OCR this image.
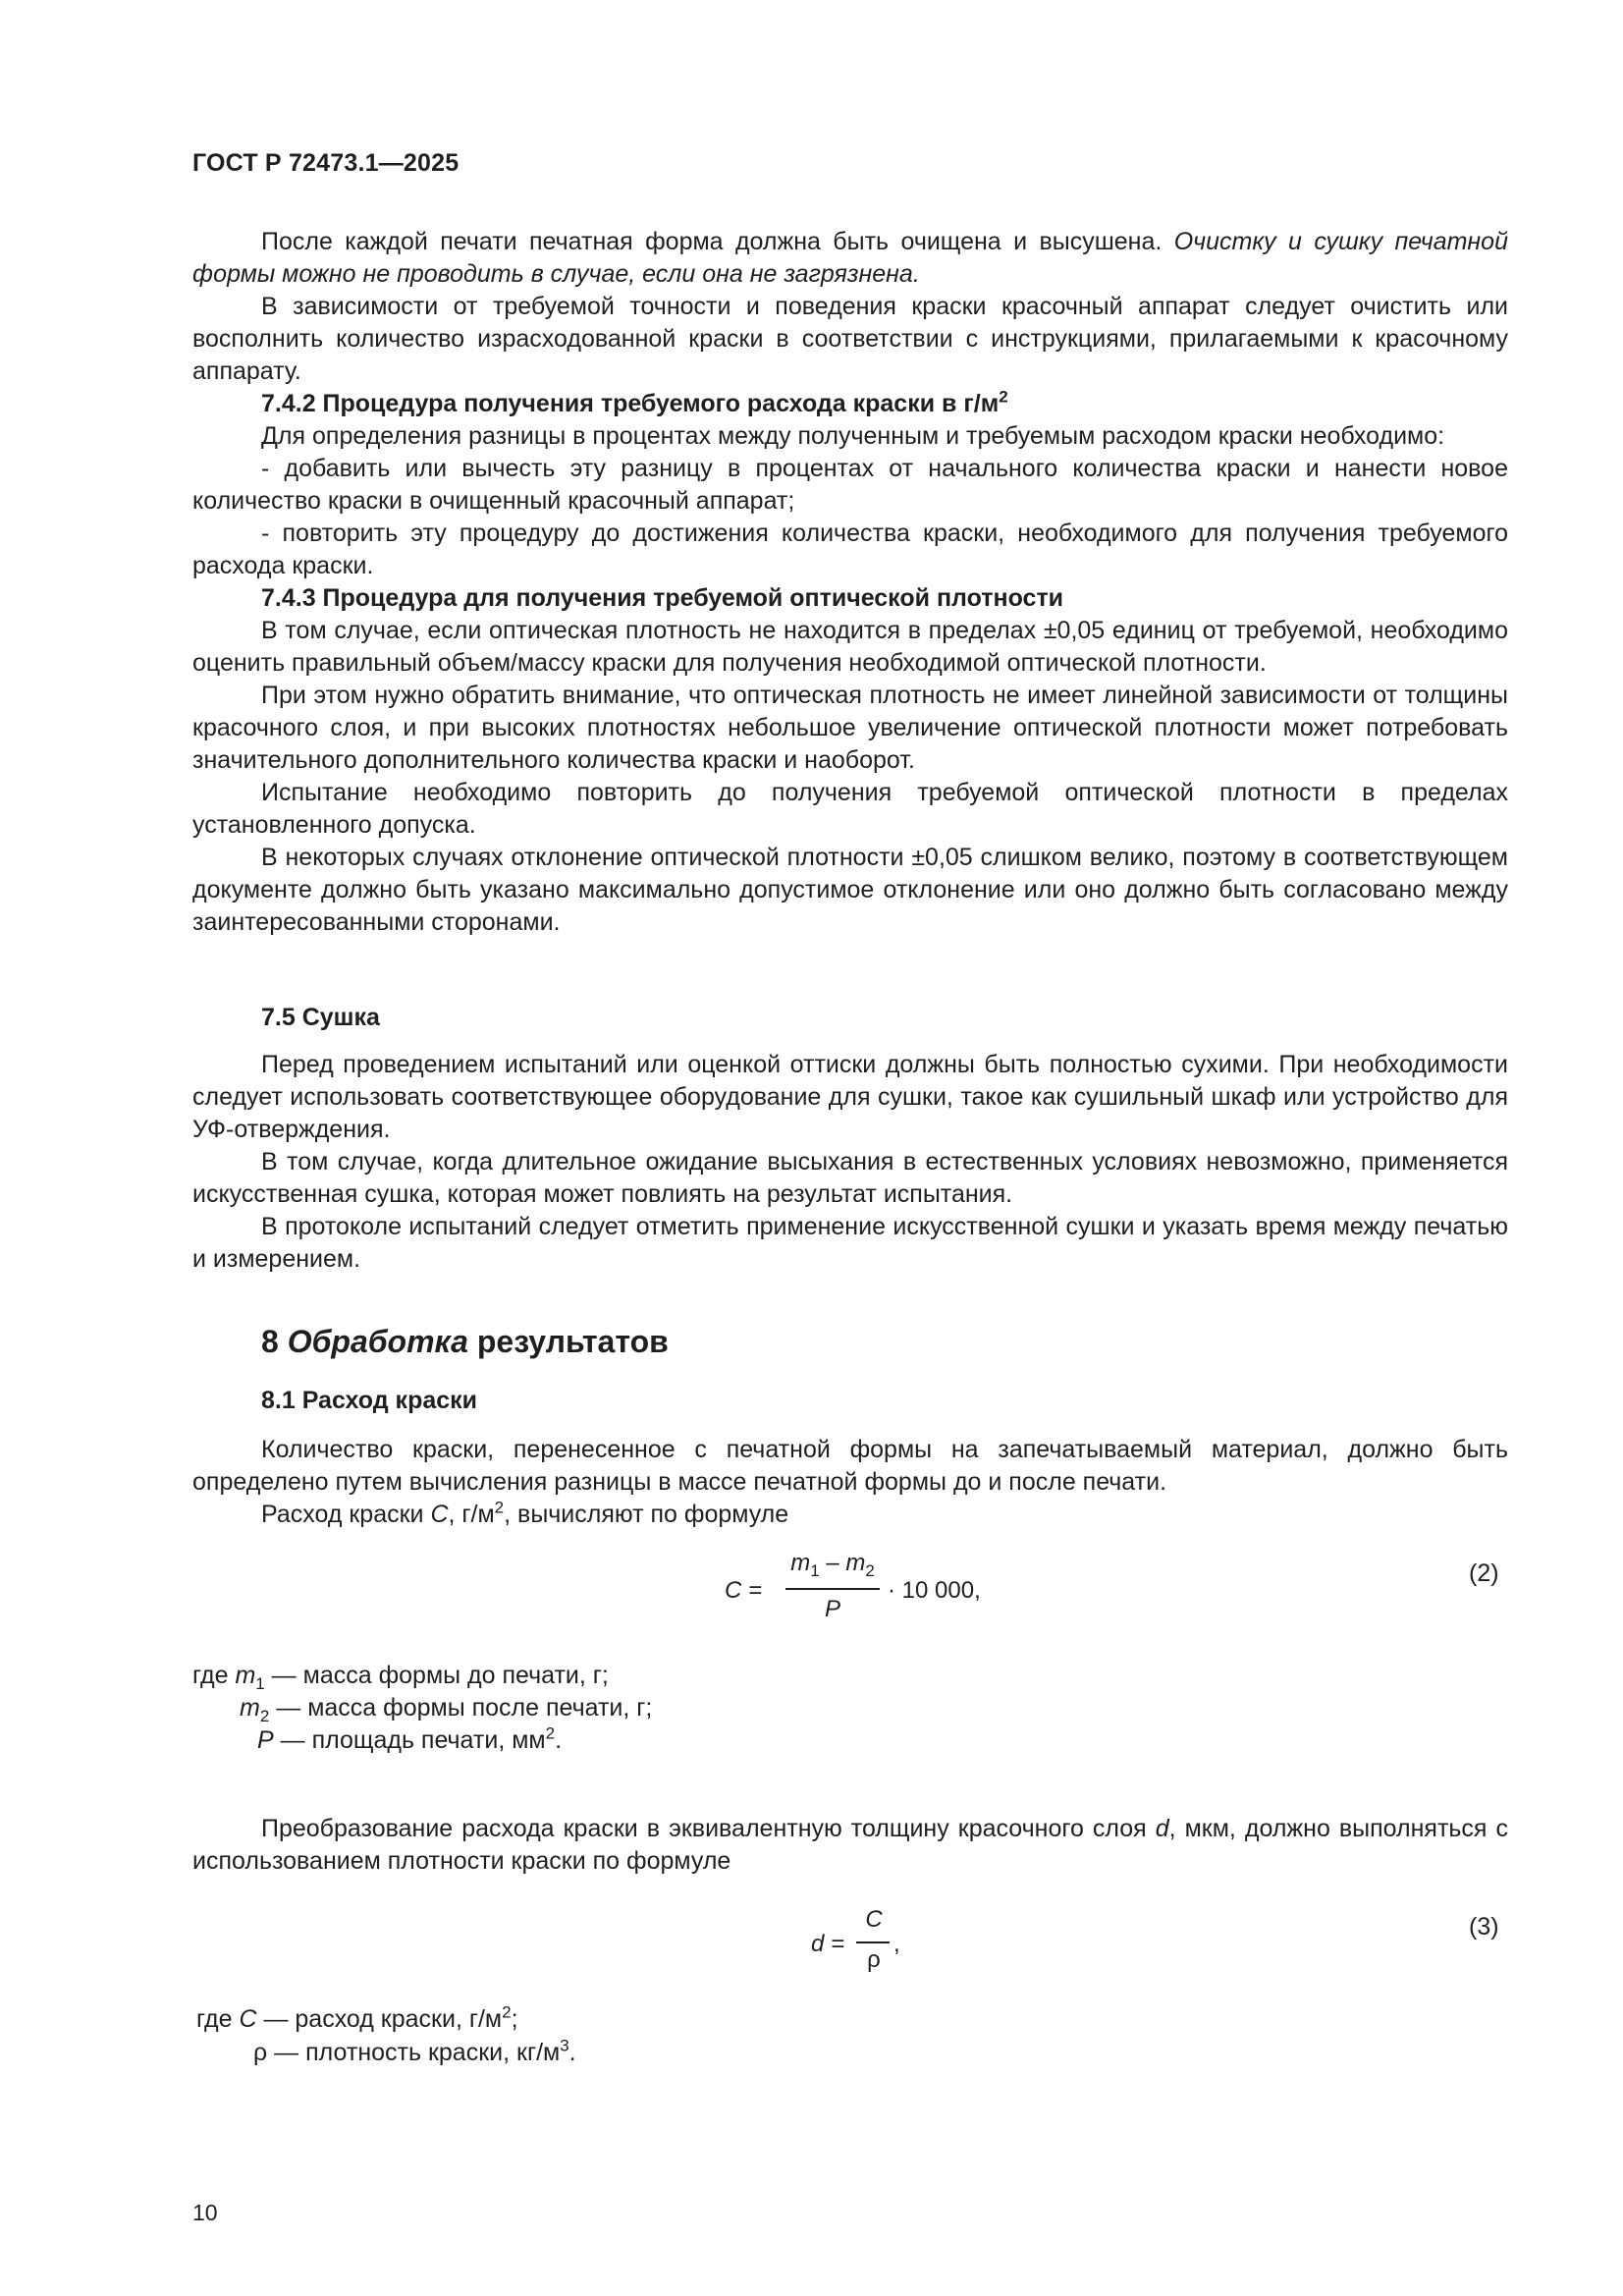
ГОСТ Р 72473.1—2025

После каждой печати печатная форма должна быть очищена и высушена. Очистку и сушку печатной формы можно не проводить в случае, если она не загрязнена.

В зависимости от требуемой точности и поведения краски красочный аппарат следует очистить или восполнить количество израсходованной краски в соответствии с инструкциями, прилагаемыми к красочному аппарату.

7.4.2 Процедура получения требуемого расхода краски в $г/м^2$

Для определения разницы в процентах между полученным и требуемым расходом краски необходимо:

- добавить или вычесть эту разницу в процентах от начального количества краски и нанести новое количество краски в очищенный красочный аппарат;

- повторить эту процедуру до достижения количества краски, необходимого для получения требуемого расхода краски.

7.4.3 Процедура для получения требуемой оптической плотности

В том случае, если оптическая плотность не находится в пределах ±0,05 единиц от требуемой, необходимо оценить правильный объем/массу краски для получения необходимой оптической плотности.

При этом нужно обратить внимание, что оптическая плотность не имеет линейной зависимости от толщины красочного слоя, и при высоких плотностях небольшое увеличение оптической плотности может потребовать значительного дополнительного количества краски и наоборот.

Испытание необходимо повторить до получения требуемой оптической плотности в пределах установленного допуска.

В некоторых случаях отклонение оптической плотности ±0,05 слишком велико, поэтому в соответствующем документе должно быть указано максимально допустимое отклонение или оно должно быть согласовано между заинтересованными сторонами.

7.5 Сушка

Перед проведением испытаний или оценкой оттиски должны быть полностью сухими. При необходимости следует использовать соответствующее оборудование для сушки, такое как сушильный шкаф или устройство для УФ-отверждения.

В том случае, когда длительное ожидание высыхания в естественных условиях невозможно, применяется искусственная сушка, которая может повлиять на результат испытания.

В протоколе испытаний следует отметить применение искусственной сушки и указать время между печатью и измерением.

8 Обработка результатов
8.1 Расход краски

Количество краски, перенесенное с печатной формы на запечатываемый материал, должно быть определено путем вычисления разницы в массе печатной формы до и после печати.

Расход краски C, $г/м^2$, вычисляют по формуле

C =
$m_1 - m_2$
P
· 10 000,
(2)
где $m_1$ — масса формы до печати, г;
$m_2$ — масса формы после печати, г;
P — площадь печати, $мм^2$.

Преобразование расхода краски в эквивалентную толщину красочного слоя d, мкм, должно выполняться с использованием плотности краски по формуле

d =
C
ρ
,
(3)
где C — расход краски, $г/м^2$;
ρ — плотность краски, $кг/м^3$.
10
